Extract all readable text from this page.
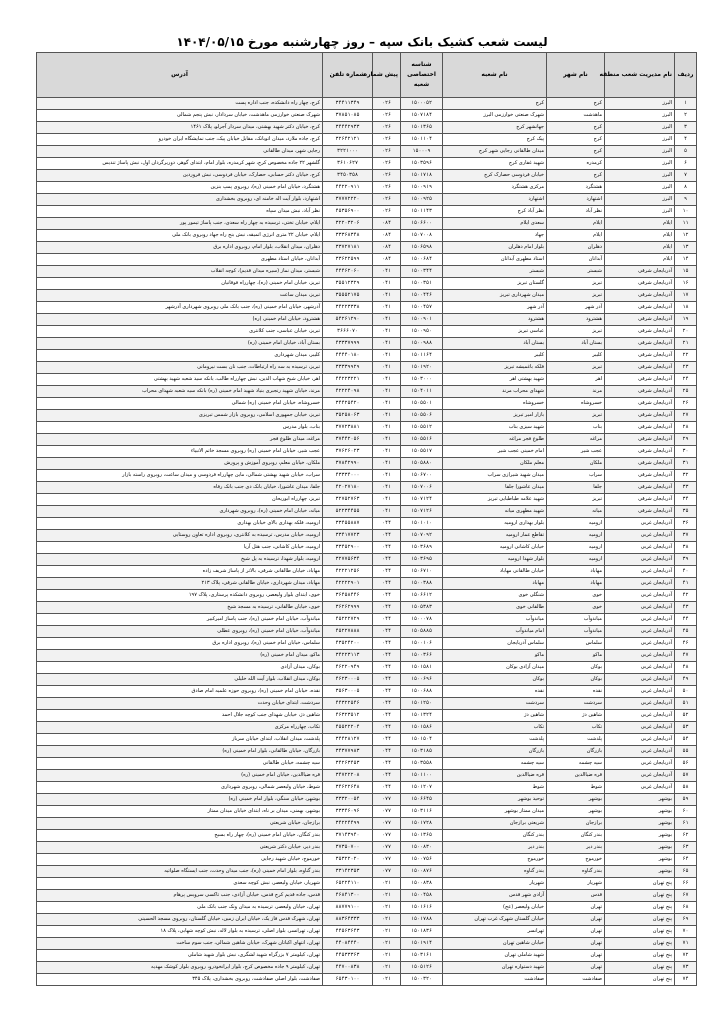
لیست شعب کشیک بانک سپه – روز چهارشنبه مورخ ۱۴۰۴/۰۵/۱۵
ردیف	نام مدیریت شعب منطقه	نام شهر	نام شعبه	شناسه اختصاصی شعبه	پیش شماره	شماره تلفن	آدرس
۱	البرز	کرج	کرج	۱۵۰۰۰۵۲	۰۲۶	۳۴۴۱۱۳۴۹	کرج، چهار راه دانشکده، جنب اداره پست
۲	البرز	ماهدشت	شهرک صنعتی خوارزمی البرز	۱۵۰۷۱۸۴	۰۲۶	۳۷۸۵۱۰۸۵	شهرک صنعتی خوارزمی ماهدشت، خیابان سردادار، نبش پنجم شمالی
۳	البرز	کرج	جهانشهر کرج	۱۵۰۱۳۶۵	۰۲۶	۳۴۴۴۲۹۳۳	کرج، خیابان دکتر شهید بهشتی، میدان سردار آجرلو، پلاک ۱۴۶۱
۴	البرز	کرج	پیک کرج	۱۵۰۱۱۰۴	۰۲۶	۳۲۶۴۲۱۲۱	کرج، جاده ملارد، میدان اتوبانک، مقابل خیابان پیک، جنب نمایشگاه ایران خودرو
۵	البرز	کرج	میدان طالقانی رجایی شهر کرج	۱۵۰۰۰۹	۰۲۶	۳۲۲۱۰۰۰	رجایی شهر، میدان طالقانی
۶	البرز	کرمدره	شهید غفاری کرج	۱۵۰۳۵۹۶	۰۲۶	۳۶۱۰۶۲۷	گلشهر ۲۲ جاده مخصوص کرج، شهر کرمدره، بلوار امام، ابتدای گوهر، دوربرگردان اول، نبش پاساژ تندیس
۷	البرز	کرج	خیابان فردوسی حصارک کرج	۱۵۰۱۷۱۸	۰۲۶	۳۴۵۰۳۵۸	کرج، خیابان دکتر حسابی، حصارک، خیابان فردوسی، نبش فروردین
۸	البرز	هشتگرد	مرکزی هشتگرد	۱۵۰۰۹۱۹	۰۲۶	۴۴۲۲۰۹۱۱	هشتگرد، خیابان امام خمینی (ره)، روبروی پمپ بنزین
۹	البرز	اشتهارد	اشتهارد	۱۵۰۰۹۲۵	۰۲۶	۳۷۷۷۲۲۲۰	اشتهارد، بلوار آیت اله خامنه ای، روبروی بخشداری
۱۰	البرز	نظر آباد	نظر آباد کرج	۱۵۰۱۱۴۳	۰۲۶	۴۵۳۵۶۹۰۰	نظر آباد، نبش میدان سپاه
۱۱	ایلام	ایلام	سعدی ایلام	۱۵۰۶۶۰۰	۰۸۴	۳۲۲۰۳۲۰۶	ایلام، خیابان تختی، ترسیده به چهار راه سعدی، جنب پاساژ تیمور پور
۱۲	ایلام	ایلام	جهاد	۱۵۰۷۰۰۸	۰۸۴	۳۳۳۶۸۳۴۸	ایلام، خیابان ۲۲ متری انرژی اتمیقه، نبش بنج راه جهاد روبروی بانک ملی
۱۳	ایلام	دهلران	بلوار امام دهلران	۱۵۰۶۵۹۸	۰۸۴	۳۳۷۲۷۱۸۱	دهلران، میدان انقلاب، بلوار امام، روبروی اداره برق
۱۴	ایلام	آبدانان	استاد مطهری آبدانان	۱۵۰۰۶۸۴	۰۸۴	۳۳۶۲۲۵۹۹	آبدانان، خیابان استاد مطهری
۱۵	آذربایجان شرقی	شبستر	شبستر	۱۵۰۰۳۴۴	۰۴۱	۴۴۴۶۲۰۶۰	شبستر، میدان نماز (سیره میدان قدیم)، کوچه انقلاب
۱۶	آذربایجان شرقی	تبریز	گلستان تبریز	۱۵۰۰۳۵۱	۰۴۱	۳۵۵۱۲۳۲۹	تبریز، خیابان امام خمینی (ره)، چهارراه فوقانیان
۱۷	آذربایجان شرقی	تبریز	میدان شهرداری تبریز	۱۵۰۰۴۴۶	۰۴۱	۳۵۵۵۲۱۷۵	تبریز، میدان ساعت
۱۸	آذربایجان شرقی	آذر شهر	آذر شهر	۱۵۰۰۴۵۷	۰۴۱	۳۴۲۲۳۳۳۸	آذرشهر، خیابان امام خمینی (ره)، جنب بانک ملی روبروی شهرداری آذرشهر
۱۹	آذربایجان شرقی	هشترود	هشترود	۱۵۰۰۹۰۱	۰۴۱	۵۴۲۶۱۲۹۰	هشترود، خیابان امام خمینی (ره)
۲۰	آذربایجان شرقی	تبریز	عباسی تبریز	۱۵۰۰۹۵۰	۰۴۱	۳۶۶۶۰۷۰	تبریز، خیابان عباسی، جنب کلانتری
۲۱	آذربایجان شرقی	بستان آباد	بستان آباد	۱۵۰۰۹۸۸	۰۴۱	۴۳۳۳۷۹۹۹	بستان آباد، خیابان امام خمینی (ره)
۲۲	آذربایجان شرقی	کلیبر	کلیبر	۱۵۰۱۱۶۴	۰۴۱	۴۴۴۴۰۱۸۰	کلیبر، میدان شهرداری
۲۳	آذربایجان شرقی	تبریز	فلکه باغمیشه تبریز	۱۵۰۱۹۲۰	۰۴۱	۳۳۳۳۹۹۲۹	تبریز، ترسیده به سه راه ارتباطات، جنب نان بست نیرومانی
۲۴	آذربایجان شرقی	اهر	شهید بهشتی اهر	۱۵۰۳۰۰۰	۰۴۱	۴۴۲۲۳۲۲۱	اهر، خیابان شیخ شهاب الدین، نبش چهارراه طالب، بانکه سید شعبه شهید بهشتی
۲۵	آذربایجان شرقی	مرند	شهدای محراب مرند	۱۵۰۴۰۱۱	۰۴۱	۴۲۲۲۴۰۹۸	مرند، خیابان شهید رنجبری بنیاد شهید امام خمینی (ره) بانکه سیه شعبه شهدای محراب
۲۶	آذربایجان شرقی	خسروشاه	خسروشاه	۱۵۰۵۵۰۱	۰۴۱	۳۴۴۲۵۴۲۰	خسروشاه، خیابان امام خمینی (ره) شمالی
۲۷	آذربایجان شرقی	تبریز	بازار امیر تبریز	۱۵۰۵۵۰۶	۰۴۱	۳۵۲۵۸۰۶۳	تبریز، خیابان جمهوری اسلامی، روبروی بازار شمس تبریزی
۲۸	آذربایجان شرقی	بناب	شهید سیزی بناب	۱۵۰۵۵۱۲	۰۴۱	۳۷۷۲۳۸۸۱	بناب، بلوار مدرس
۲۹	آذربایجان شرقی	مراغه	طلوع فجر مراغه	۱۵۰۵۵۱۶	۰۴۱	۳۷۴۴۲۰۵۶	مراغه، میدان طلوع فجر
۳۰	آذربایجان شرقی	عجب شیر	امام خمینی عجب شیر	۱۵۰۵۵۱۷	۰۴۱	۳۷۶۲۶۰۲۳	عجب شیر، خیابان امام خمینی (ره) روبروی مسجد خاتم الانبیاء
۳۱	آذربایجان شرقی	ملکان	معلم ملکان	۱۵۰۵۸۸۰	۰۴۱	۳۷۸۴۲۹۹۰	ملکان، خیابان معلم، روبروی آموزش و پرورش
۳۲	آذربایجان شرقی	سراب	میدان شهید شیرازی سراب	۱۵۰۶۷۰۰	۰۴۱	۴۳۳۳۴۰۰۰	سراب، خیابان شهید بهشتی شمالی، ماین چهارراه فردوسی و میدان ساعت، روبروی راسته بازار
۳۳	آذربایجان شرقی	جلفا	میدان عاشورا جلفا	۱۵۰۷۰۰۶	۰۴۱	۴۲۰۲۷۱۸۰	جلفا، میدان عاشورا، خیابان بانک دی جنب بانک رفاه
۳۴	آذربایجان شرقی	تبریز	شهید علامه طباطبایی تبریز	۱۵۰۷۱۲۴	۰۴۱	۳۲۷۵۲۷۶۳	تبریز، چهارراه ابوریحان
۳۵	آذربایجان شرقی	میانه	شهید مطهری میانه	۱۵۰۷۱۲۶	۰۴۱	۵۲۲۳۴۴۵۵	میانه، خیابان امام خمینی (ره)، روبروی شهرداری
۳۶	آذربایجان غربی	ارومیه	بلوار بهداری ارومیه	۱۵۰۱۰۱۰	۰۴۴	۳۳۴۵۵۸۸۷	ارومیه، فلکه بهداری بالای خیابان بهداری
۳۷	آذربایجان غربی	ارومیه	تقاطع عمار ارومیه	۱۵۰۷۰۹۲	۰۴۴	۳۳۴۱۷۷۲۳	ارومیه، خیابان مدرس، ترسیده به کلانتری، روبروی اداره تعاون روستایی
۳۸	آذربایجان غربی	ارومیه	خیابان کاشانی ارومیه	۱۵۰۳۶۸۹	۰۴۴	۳۳۴۵۲۹۰۰	ارومیه، خیابان کاشانی، جنب هتل آریا
۳۹	آذربایجان غربی	ارومیه	بلوار شهدا ارومیه	۱۵۰۳۶۹۵	۰۴۴	۳۲۷۷۵۶۳۴	ارومیه، بلوار شهدا، ترسیده به پل شیخ
۴۰	آذربایجان غربی	مهاباد	خیابان طالقانی مهاباد	۱۵۰۶۷۱۰	۰۴۴	۴۲۲۲۱۲۵۶	مهاباد، خیابان طالقانی شرقی، بالاتر از پاساژ شریف زاده
۴۱	آذربایجان غربی	مهاباد	مهاباد	۱۵۰۰۳۸۸	۰۴۴	۴۲۲۲۲۹۰۱	مهاباد، میدان شهرداری، خیابان طالقانی شرقی، پلاک ۲۱۳
۴۲	آذربایجان غربی	خوی	شنگلی خوی	۱۵۰۶۶۱۲	۰۴۴	۳۶۴۵۸۴۴۶	خوی، ابتدای بلوار ولیعصر، روبروی دانشکده پرستاری، پلاک ۱۹۷
۴۳	آذربایجان غربی	خوی	طالقانی خوی	۱۵۰۵۳۸۳	۰۴۴	۳۶۲۶۲۹۹۹	خوی، خیابان طالقانی، ترسیده به مسجد شیخ
۴۴	آذربایجان غربی	میاندوآب	میاندوآب	۱۵۰۰۰۷۸	۰۴۴	۴۵۲۲۲۷۲۹	میاندوآب، خیابان امام خمینی (ره)، جنب پاساژ امیرکبیر
۴۵	آذربایجان غربی	میاندوآب	امام میاندوآب	۱۵۰۵۸۸۵	۰۴۴	۴۵۲۲۷۸۸۸	میاندوآب، خیابان امام خمینی (ره)، روبروی عطلی
۴۶	آذربایجان غربی	سلماس	سلماس آذربایجان	۱۵۰۰۱۰۶	۰۴۴	۴۳۵۲۴۲۰۰	سلماس، خیابان امام خمینی (ره)، روبروی اداره برق
۴۷	آذربایجان غربی	ماکو	ماکو	۱۵۰۰۳۶۶	۰۴۴	۳۴۲۲۳۱۱۳	ماکو، میدان امام خمینی (ره)
۴۸	آذربایجان غربی	بوکان	میدان آزادی بوکان	۱۵۰۱۵۸۱	۰۴۴	۴۶۲۲۰۹۴۹	بوکان، میدان آزادی
۴۹	آذربایجان غربی	بوکان	بوکان	۱۵۰۰۶۹۶	۰۴۴	۴۶۲۳۰۰۰۵	بوکان، میدان انقلاب، بلوار آیت الله خلیلی
۵۰	آذربایجان غربی	نقده	نقده	۱۵۰۰۶۸۸	۰۴۴	۳۵۶۳۰۰۰۵	نقده، خیابان امام خمینی (ره)، روبروی حوزه علمیه امام صادق
۵۱	آذربایجان غربی	سردشت	سردشت	۱۵۰۱۲۵۰	۰۴۴	۴۴۳۲۲۵۴۶	سردشت، ابتدای خیابان وحدت
۵۲	آذربایجان غربی	شاهین دژ	شاهین دژ	۱۵۰۱۳۲۴	۰۴۴	۴۶۳۲۳۵۱۲	شاهین دژ، خیابان شهدای جنب کوچه جلال احمد
۵۳	آذربایجان غربی	تکاب	تکاب	۱۵۰۱۵۸۶	۰۴۴	۴۵۵۲۲۲۰۴	تکاب، چهارراه مرکزی
۵۴	آذربایجان غربی	پلدشت	پلدشت	۱۵۰۱۵۰۴	۰۴۴	۳۴۴۲۸۱۲۷	پلدشت، میدان انقلاب، ابتدای خیابان سرباز
۵۵	آذربایجان غربی	بازرگان	بازرگان	۱۵۰۳۱۸۵	۰۴۴	۳۴۳۷۷۹۸۳	بازرگان، خیابان طالقانی، بلوار امام خمینی (ره)
۵۶	آذربایجان غربی	سیه چشمه	سیه چشمه	۱۵۰۳۵۵۸	۰۴۴	۳۴۲۶۳۴۵۳	سیه چشمه، خیابان طالقانی
۵۷	آذربایجان غربی	قره ضیاالدین	قره ضیاالدین	۱۵۰۱۱۰۰	۰۴۴	۳۴۷۲۲۲۰۸	قره ضیاالدین، خیابان امام خمینی (ره)
۵۸	آذربایجان غربی	شوط	شوط	۱۵۰۱۲۰۷	۰۴۴	۳۴۶۲۲۶۴۸	شوط، خیابان ولیعصر شمالی، روبروی شهرداری
۵۹	بوشهر	بوشهر	توحید بوشهر	۱۵۰۶۶۴۵	۰۷۷	۳۳۳۲۰۰۵۴	بوشهر، خیابان سنگی، بلوار امام خمینی (ره)
۶۰	بوشهر	بوشهر	میدان ممتاز بوشهر	۱۵۰۳۱۱۶	۰۷۷	۳۳۳۴۶۰۹۶	بوشهر، بهمنی، میدان بر ناه، ابتدای خیابان میدان ممتاز
۶۱	بوشهر	برازجان	شریعتی برازجان	۱۵۰۱۷۲۸	۰۷۷	۳۴۲۲۴۴۹۹	برازجان، خیابان شریعتی
۶۲	بوشهر	بندر کنگان	بندر کنگان	۱۵۰۱۳۶۵	۰۷۷	۳۷۱۴۳۹۴۰	بندر کنگان، خیابان امام خمینی (ره)، چهار راه بسیج
۶۳	بوشهر	بندر دیر	بندر دیر	۱۵۰۰۸۳۰	۰۷۷	۳۷۳۵۰۷۰۰	بندر دیر، خیابان دکتر شریعتی
۶۴	بوشهر	خورموج	خورموج	۱۵۰۰۷۵۶	۰۷۷	۳۵۳۲۲۰۲۰	خورموج، خیابان شهید رجایی
۶۵	بوشهر	بندر گناوه	بندر گناوه	۱۵۰۰۸۷۶	۰۷۷	۳۳۱۴۲۳۵۳	بندر گناوه، بلوار امام خمینی (ره)، جنب میدان وحدت، جنب ایستگاه صلواتیه
۶۶	پنج تهران	شهریار	شهریار	۱۵۰۰۸۳۸	۰۲۱	۶۵۲۲۴۱۱۰	شهریار، خیابان ولیعصر، نبش کوچه سعدی
۶۷	پنج تهران	قدس	آزادی شهر قدس	۱۵۰۰۴۵۸	۰۲۱	۴۶۸۴۱۳۰۰	قدس، جاده قدیم کرج قدس، خیابان آزادی، جنب تاکسی سرویس پرهام
۶۸	پنج تهران	تهران	خیابان ولیعصر (عج)	۱۵۰۱۶۱۶	۰۲۱	۸۸۷۷۹۱۰۰	تهران، خیابان ولیعصر، ترسیده به میدان ونک جنب بانک ملی
۶۹	پنج تهران	تهران	خیابان گلستان شهرک غرب تهران	۱۵۰۱۷۸۸	۰۲۱	۸۸۳۶۴۳۳۳	تهران، شهرک قدس فاز یک، خیابان ایران زمین، خیابان گلستان، روبروی مسجد الحسینی
۷۰	پنج تهران	تهران	تهرانسر	۱۵۰۱۸۳۶	۰۲۱	۴۴۵۶۳۶۴۳	تهران، تهرانسر، بلوار اصلی، ترسیده به بلوار لاله، نبش کوچه شهابی، پلاک ۱۸
۷۱	پنج تهران	تهران	خیابان شاهین تهران	۱۵۰۱۹۱۴	۰۲۱	۴۴۰۸۴۴۴۰	تهران، انتهای اکباتان شهرک، خیابان شاهین شمالی، جنب سوم ساخت
۷۲	پنج تهران	تهران	شهید شاملی تهران	۱۵۰۳۱۶۱	۰۲۱	۴۴۵۳۳۳۶۳	تهران، کیلومتر ۷ بزرگراه شهید لشگری، نبش بلوار شهید شاملی
۷۳	پنج تهران	تهران	شهید دستواره تهران	۱۵۰۵۱۲۶	۰۲۱	۴۴۷۰۰۸۳۸	تهران، کیلومتر ۹ جاده مخصوص کرج، بلوار ایرانخودرو، روبروی بلوار کوشک مهدیه
۷۴	پنج تهران	صفادشت	صفادشت	۱۵۰۰۳۲۰	۰۲۱	۶۵۴۳۰۱۰۰	صفادشت، بلوار اصلی صفادشت، روبروی بخشداری، پلاک ۳۴۵
